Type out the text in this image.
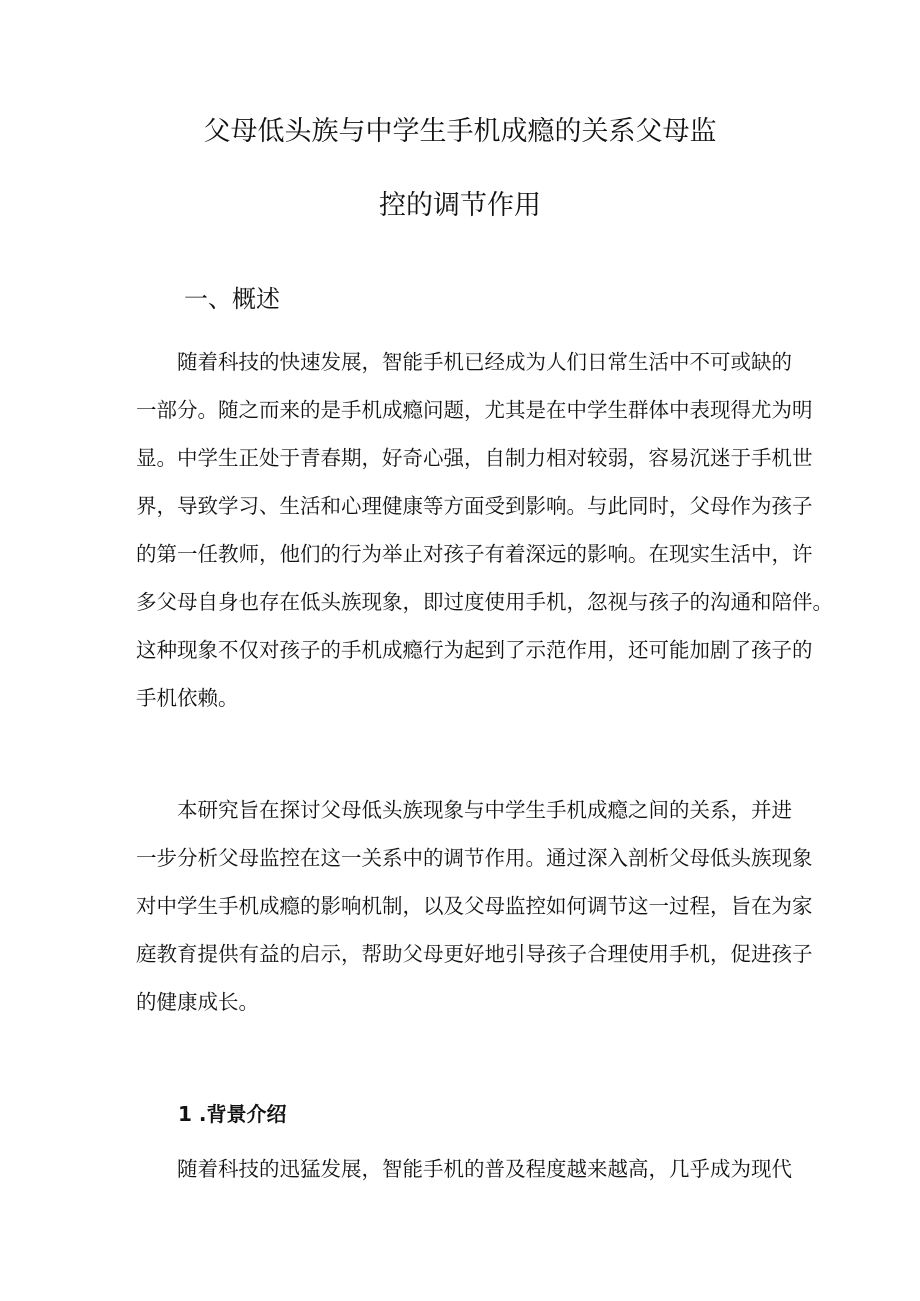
父母低头族与中学生手机成瘾的关系父母监
控的调节作用
一、概述
随着科技的快速发展，智能手机已经成为人们日常生活中不可或缺的
一部分。随之而来的是手机成瘾问题，尤其是在中学生群体中表现得尤为明
显。中学生正处于青春期，好奇心强，自制力相对较弱，容易沉迷于手机世
界，导致学习、生活和心理健康等方面受到影响。与此同时，父母作为孩子
的第一任教师，他们的行为举止对孩子有着深远的影响。在现实生活中，许
多父母自身也存在低头族现象，即过度使用手机，忽视与孩子的沟通和陪伴。
这种现象不仅对孩子的手机成瘾行为起到了示范作用，还可能加剧了孩子的
手机依赖。
本研究旨在探讨父母低头族现象与中学生手机成瘾之间的关系，并进
一步分析父母监控在这一关系中的调节作用。通过深入剖析父母低头族现象
对中学生手机成瘾的影响机制，以及父母监控如何调节这一过程，旨在为家
庭教育提供有益的启示，帮助父母更好地引导孩子合理使用手机，促进孩子
的健康成长。
1 .背景介绍
随着科技的迅猛发展，智能手机的普及程度越来越高，几乎成为现代
